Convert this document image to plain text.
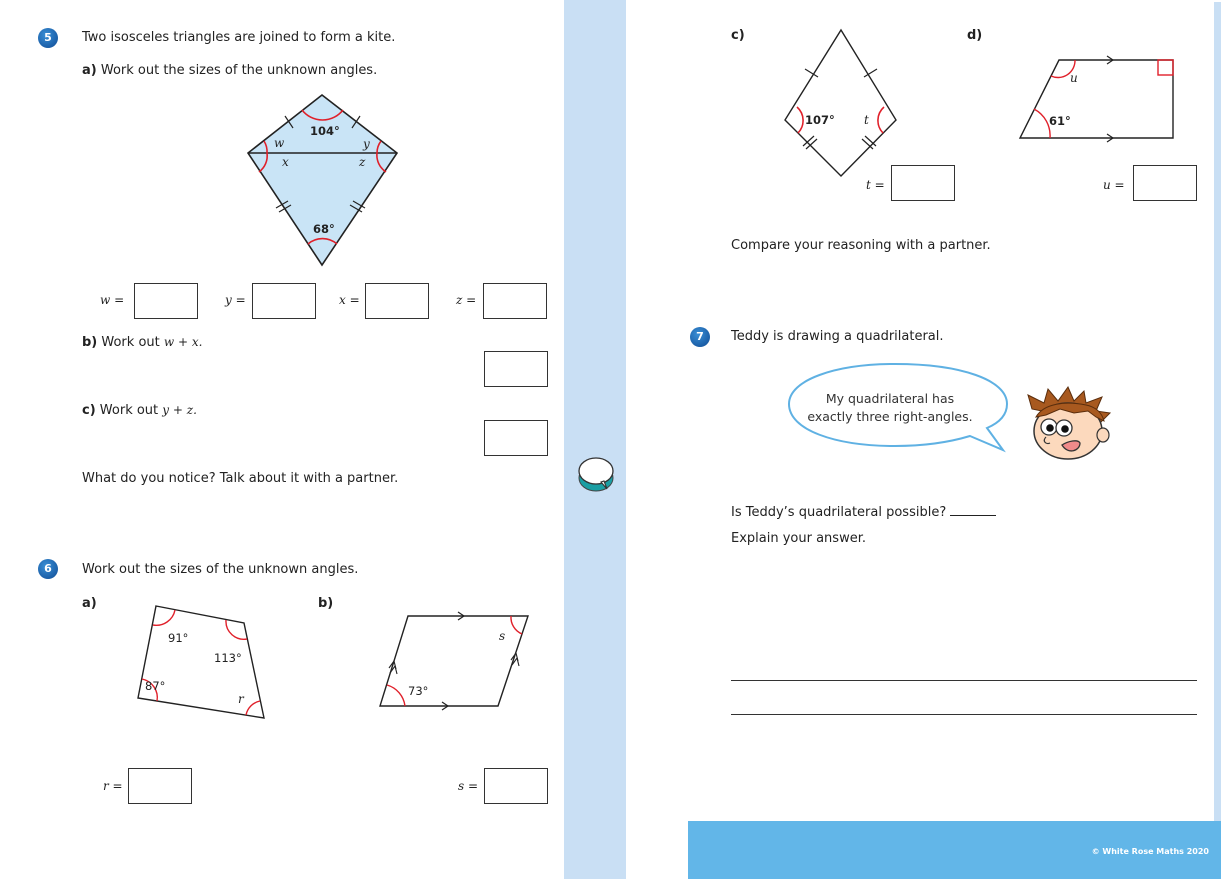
5	Two isosceles triangles are joined to form a kite.
a) Work out the sizes of the unknown angles.
104°
68°
w	y
x	z
w =	y =	x =	z =
b) Work out w + x.
c) Work out y + z.
What do you notice? Talk about it with a partner.
6	Work out the sizes of the unknown angles.
a)	b)
91°
113°
87°
r
73°
s
r =	s =
c)	d)
107° t
t =
u
61°
u =
Compare your reasoning with a partner.
7	Teddy is drawing a quadrilateral.
My quadrilateral has
exactly three right-angles.
Is Teddy’s quadrilateral possible?
Explain your answer.
© White Rose Maths 2020
